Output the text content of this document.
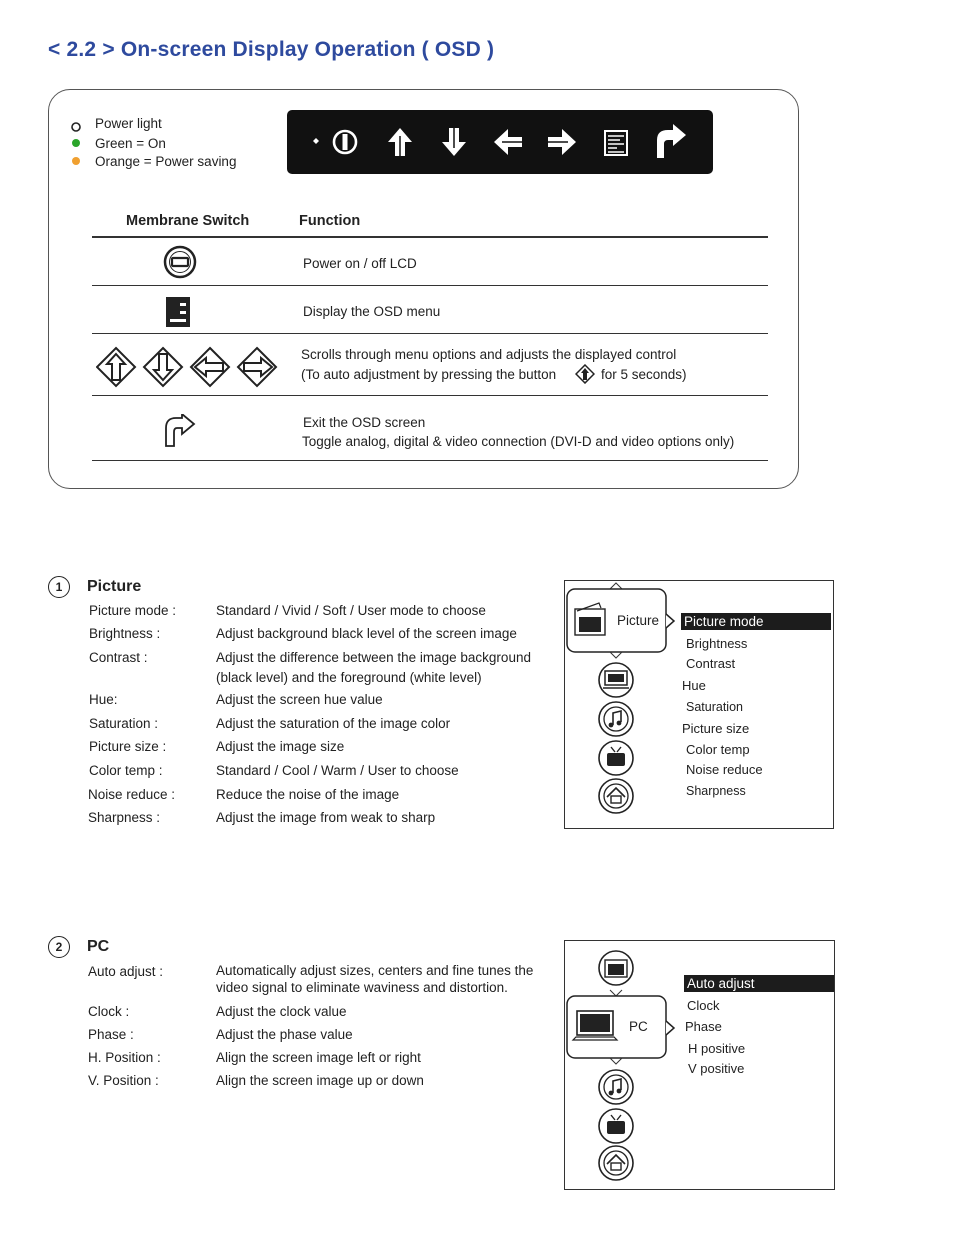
< 2.2 > On-screen Display Operation ( OSD )
Power light
Green = On
Orange = Power saving
Membrane Switch	Function
Power on / off LCD
Display the OSD menu
Scrolls through menu options and adjusts the displayed control
(To auto adjustment by pressing the button	for 5 seconds)
Exit the OSD screen
Toggle analog, digital & video connection (DVI-D and video options only)
1	Picture
Picture mode :	Standard / Vivid / Soft / User mode to choose
Brightness :	Adjust background black level of the screen image
Contrast :	Adjust the difference between the image background
(black level) and the foreground (white level)
Hue:	Adjust the screen hue value
Saturation :	Adjust the saturation of the image color
Picture size :	Adjust the image size
Color temp :	Standard / Cool / Warm / User to choose
Noise reduce :	Reduce the noise of the image
Sharpness :	Adjust the image from weak to sharp
Picture Picture mode
Brightness
Contrast
Hue
Saturation
Picture size
Color temp
Noise reduce
Sharpness
2	PC
Auto adjust :	Automatically adjust sizes, centers and fine tunes the
video signal to eliminate waviness and distortion.
Clock :	Adjust the clock value
Phase :	Adjust the phase value
H. Position :	Align the screen image left or right
V. Position :	Align the screen image up or down
PC
Auto adjust
Clock
Phase
H positive
V positive
